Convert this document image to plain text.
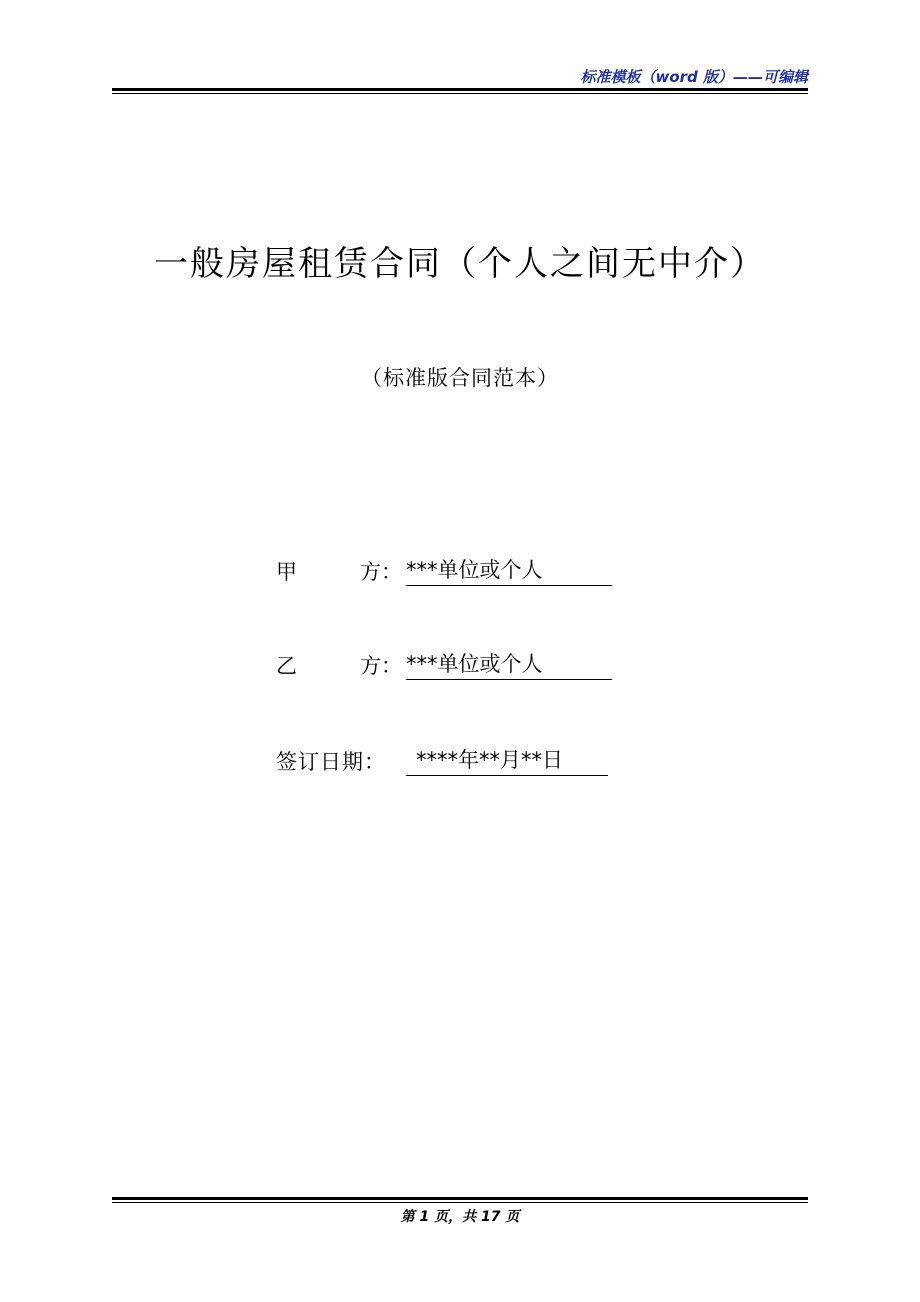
标准模板（word 版）——可编辑
一般房屋租赁合同（个人之间无中介）
（标准版合同范本）
甲	方： ***单位或个人
乙	方： ***单位或个人
签订日期：	****年**月**日
第 1 页，共 17 页
